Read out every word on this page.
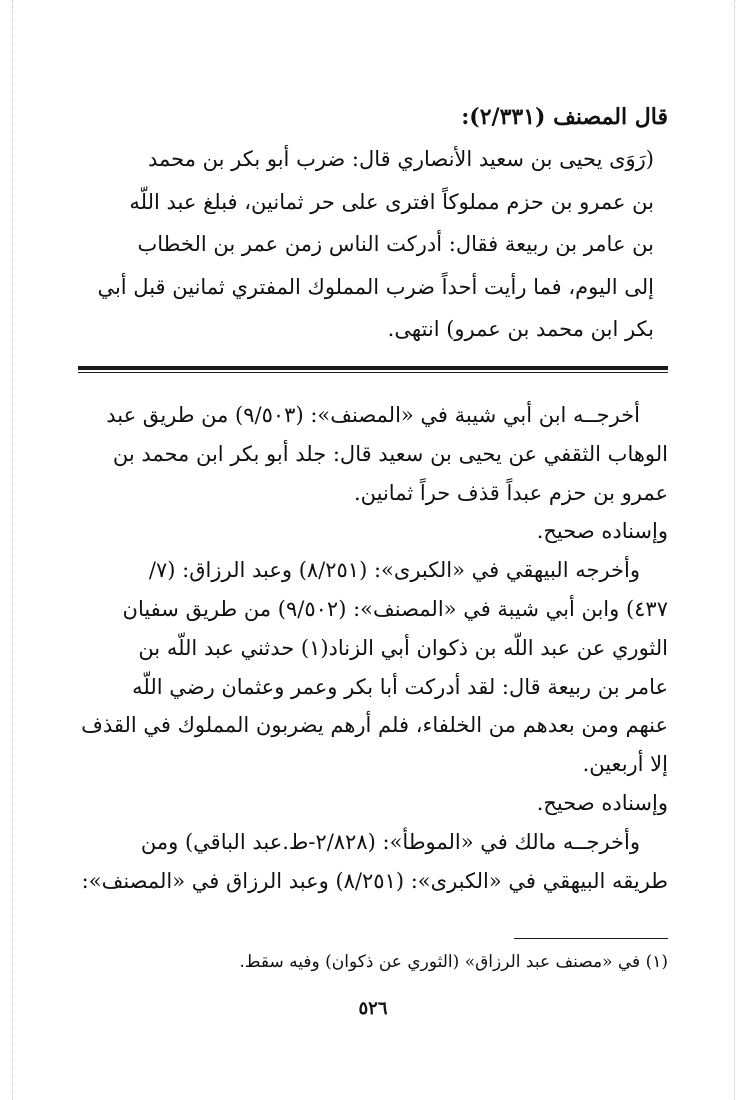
قال المصنف (٢/٣٣١):

(رَوَى يحيى بن سعيد الأنصاري قال: ضرب أبو بكر بن محمد

بن عمرو بن حزم مملوكاً افترى على حر ثمانين، فبلغ عبد اللّه

بن عامر بن ربيعة فقال: أدركت الناس زمن عمر بن الخطاب

إلى اليوم، فما رأيت أحداً ضرب المملوك المفتري ثمانين قبل أبي

بكر ابن محمد بن عمرو) انتهى.

أخرجــه ابن أبي شيبة في «المصنف»: (٩/٥٠٣) من طريق عبد

الوهاب الثقفي عن يحيى بن سعيد قال: جلد أبو بكر ابن محمد بن

عمرو بن حزم عبداً قذف حراً ثمانين.

وإسناده صحيح.

وأخرجه البيهقي في «الكبرى»: (٨/٢٥١) وعبد الرزاق: (٧/

٤٣٧) وابن أبي شيبة في «المصنف»: (٩/٥٠٢) من طريق سفيان

الثوري عن عبد اللّه بن ذكوان أبي الزناد(١) حدثني عبد اللّه بن

عامر بن ربيعة قال: لقد أدركت أبا بكر وعمر وعثمان رضي اللّه

عنهم ومن بعدهم من الخلفاء، فلم أرهم يضربون المملوك في القذف

إلا أربعين.

وإسناده صحيح.

وأخرجــه مالك في «الموطأ»: (٢/٨٢٨-ط.عبد الباقي) ومن

طريقه البيهقي في «الكبرى»: (٨/٢٥١) وعبد الرزاق في «المصنف»:

(١) في «مصنف عبد الرزاق» (الثوري عن ذكوان) وفيه سقط.
٥٢٦
